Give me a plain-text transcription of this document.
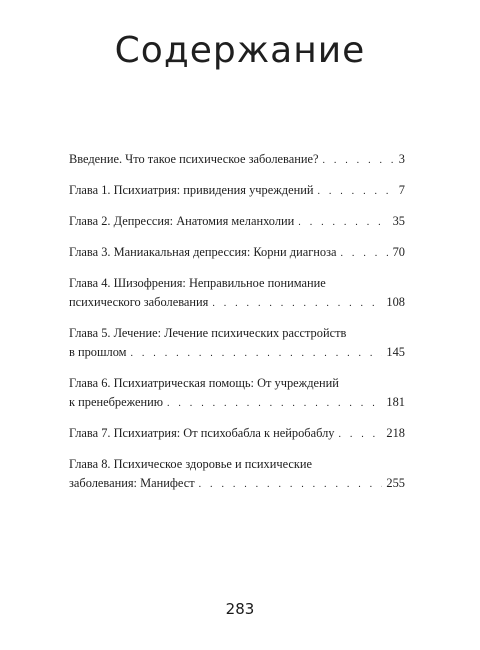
Содержание
Введение. Что такое психическое заболевание? . . .	3
Глава 1. Психиатрия: привидения учреждений . . .	7
Глава 2. Депрессия: Анатомия меланхолии . . .	35
Глава 3. Маниакальная депрессия: Корни диагноза . . .	70
Глава 4. Шизофрения: Неправильное понимание
психического заболевания . . .	108
Глава 5. Лечение: Лечение психических расстройств
в прошлом . . .	145
Глава 6. Психиатрическая помощь: От учреждений
к пренебрежению . . .	181
Глава 7. Психиатрия: От психобабла к нейробаблу . . .	218
Глава 8. Психическое здоровье и психические
заболевания: Манифест . . .	255
283
